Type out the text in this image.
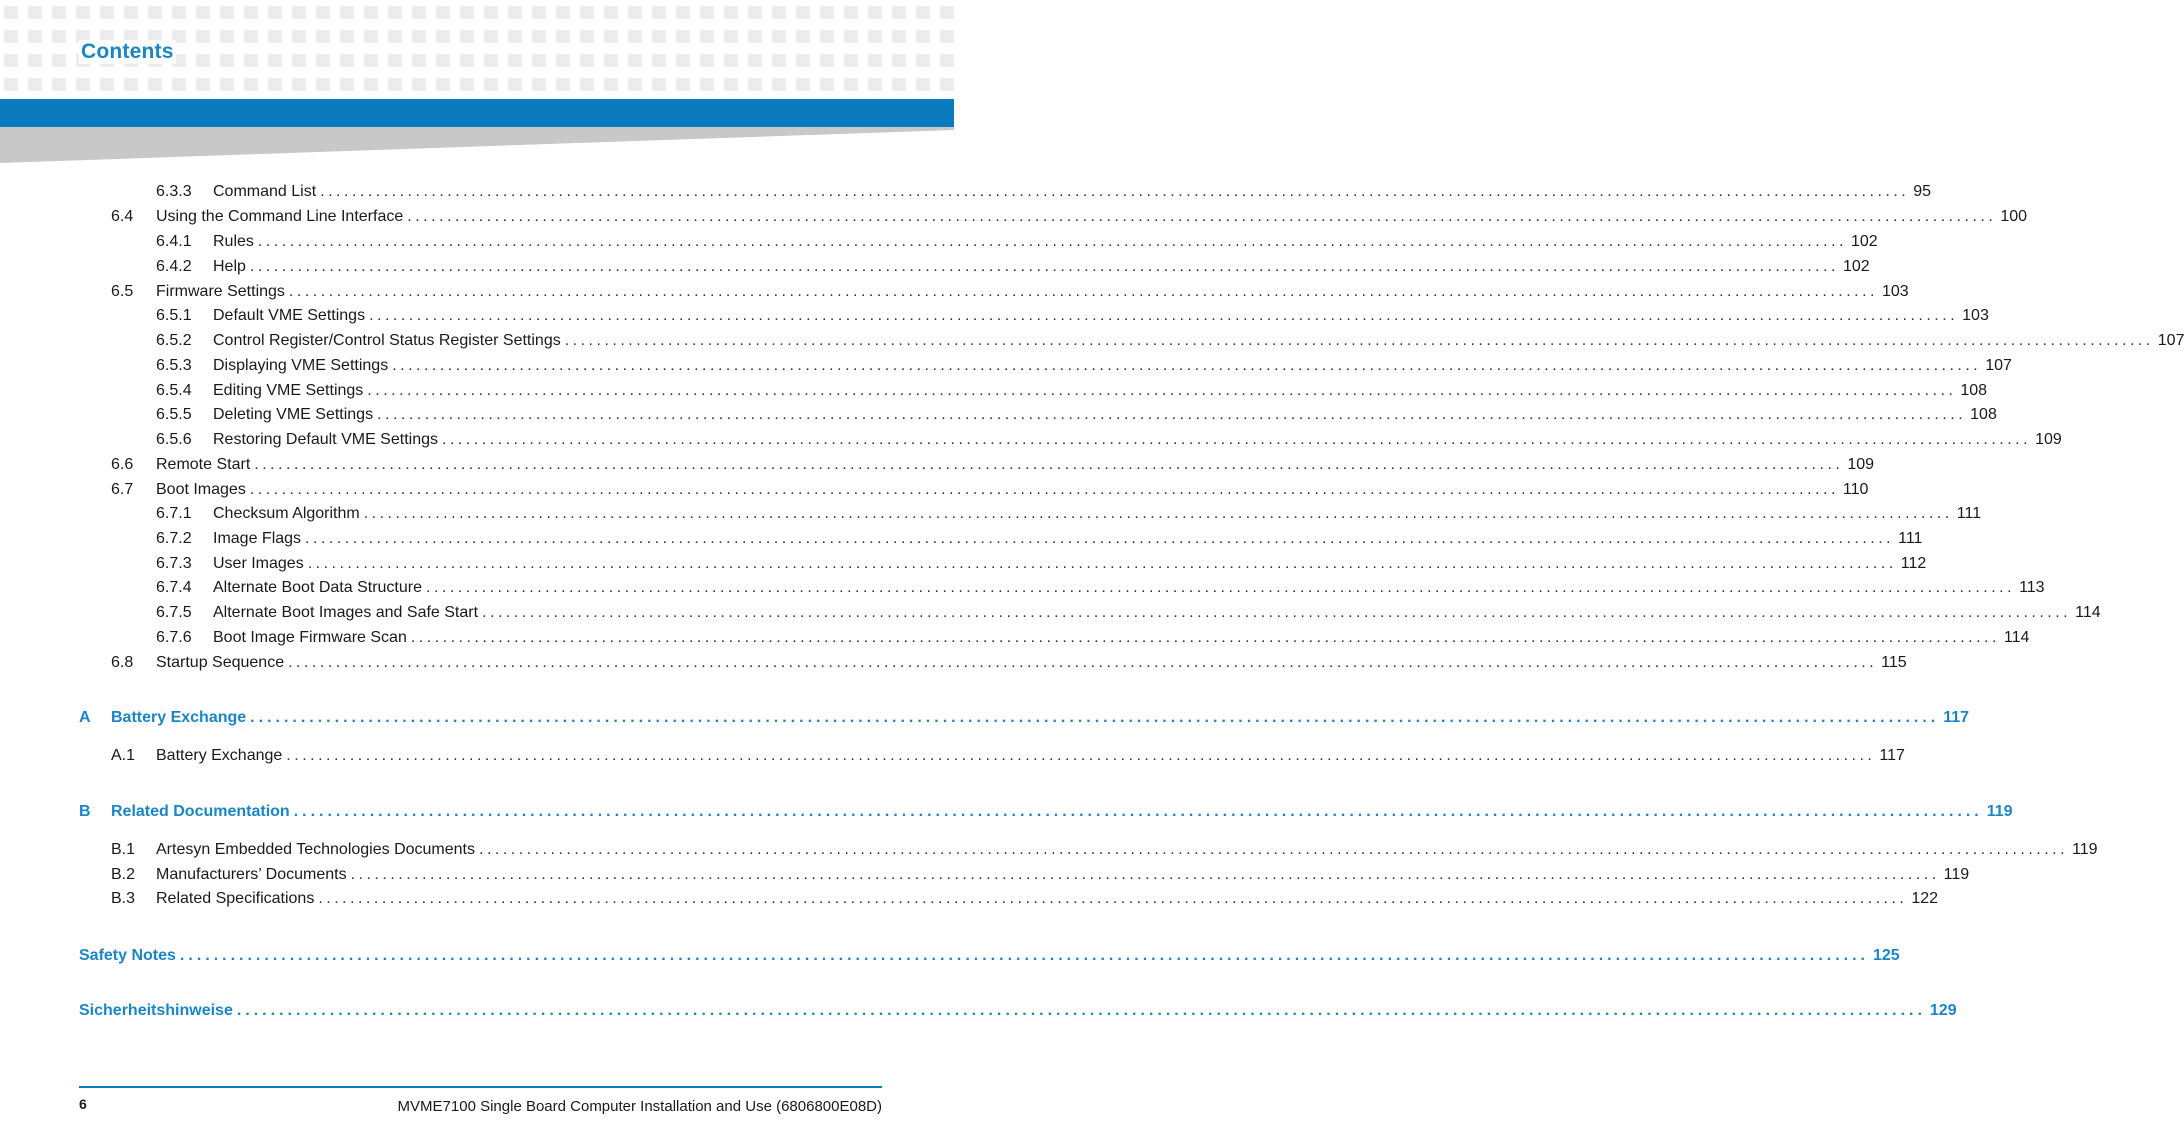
Contents
6.3.3	Command List ........................................................................................................................................................................................................ 95
6.4	Using the Command Line Interface ........................................................................................................................................................................................................ 100
6.4.1	Rules ........................................................................................................................................................................................................ 102
6.4.2	Help ........................................................................................................................................................................................................ 102
6.5	Firmware Settings ........................................................................................................................................................................................................ 103
6.5.1	Default VME Settings ........................................................................................................................................................................................................ 103
6.5.2	Control Register/Control Status Register Settings ........................................................................................................................................................................................................ 107
6.5.3	Displaying VME Settings ........................................................................................................................................................................................................ 107
6.5.4	Editing VME Settings ........................................................................................................................................................................................................ 108
6.5.5	Deleting VME Settings ........................................................................................................................................................................................................ 108
6.5.6	Restoring Default VME Settings ........................................................................................................................................................................................................ 109
6.6	Remote Start ........................................................................................................................................................................................................ 109
6.7	Boot Images ........................................................................................................................................................................................................ 110
6.7.1	Checksum Algorithm ........................................................................................................................................................................................................ 111
6.7.2	Image Flags ........................................................................................................................................................................................................ 111
6.7.3	User Images ........................................................................................................................................................................................................ 112
6.7.4	Alternate Boot Data Structure ........................................................................................................................................................................................................ 113
6.7.5	Alternate Boot Images and Safe Start ........................................................................................................................................................................................................ 114
6.7.6	Boot Image Firmware Scan ........................................................................................................................................................................................................ 114
6.8	Startup Sequence ........................................................................................................................................................................................................ 115
A	Battery Exchange ........................................................................................................................................................................................................ 117
A.1	Battery Exchange ........................................................................................................................................................................................................ 117
B	Related Documentation ........................................................................................................................................................................................................ 119
B.1	Artesyn Embedded Technologies Documents ........................................................................................................................................................................................................ 119
B.2	Manufacturers’ Documents ........................................................................................................................................................................................................ 119
B.3	Related Specifications ........................................................................................................................................................................................................ 122
Safety Notes ........................................................................................................................................................................................................ 125
Sicherheitshinweise ........................................................................................................................................................................................................ 129
6	MVME7100 Single Board Computer Installation and Use (6806800E08D)
